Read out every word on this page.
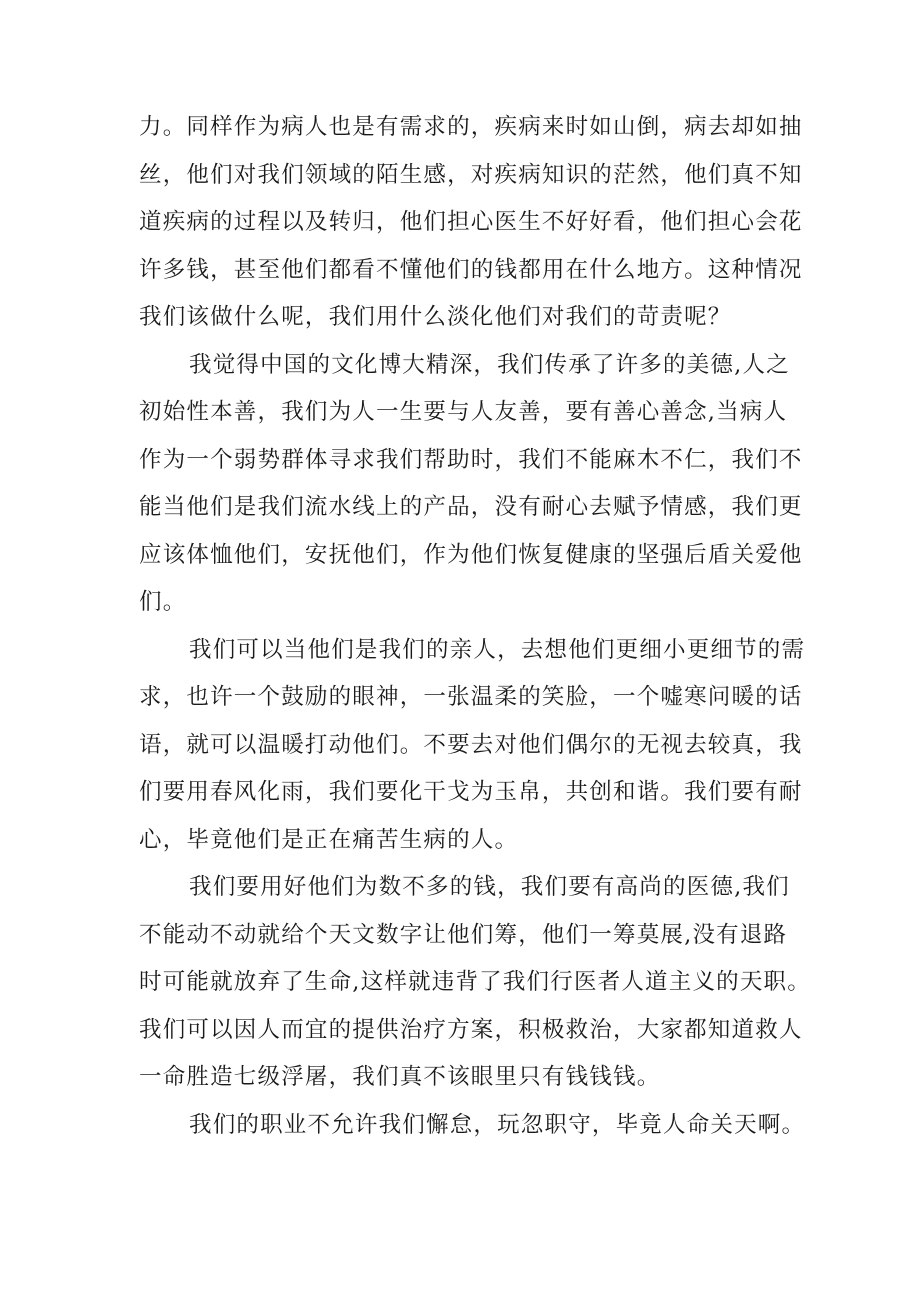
力。同样作为病人也是有需求的，疾病来时如山倒，病去却如抽
丝，他们对我们领域的陌生感，对疾病知识的茫然，他们真不知
道疾病的过程以及转归，他们担心医生不好好看，他们担心会花
许多钱，甚至他们都看不懂他们的钱都用在什么地方。这种情况
我们该做什么呢，我们用什么淡化他们对我们的苛责呢？
我觉得中国的文化博大精深，我们传承了许多的美德,人之
初始性本善，我们为人一生要与人友善，要有善心善念,当病人
作为一个弱势群体寻求我们帮助时，我们不能麻木不仁，我们不
能当他们是我们流水线上的产品，没有耐心去赋予情感，我们更
应该体恤他们，安抚他们，作为他们恢复健康的坚强后盾关爱他
们。
我们可以当他们是我们的亲人，去想他们更细小更细节的需
求，也许一个鼓励的眼神，一张温柔的笑脸，一个嘘寒问暖的话
语，就可以温暖打动他们。不要去对他们偶尔的无视去较真，我
们要用春风化雨，我们要化干戈为玉帛，共创和谐。我们要有耐
心，毕竟他们是正在痛苦生病的人。
我们要用好他们为数不多的钱，我们要有高尚的医德,我们
不能动不动就给个天文数字让他们筹，他们一筹莫展,没有退路
时可能就放弃了生命,这样就违背了我们行医者人道主义的天职。
我们可以因人而宜的提供治疗方案，积极救治，大家都知道救人
一命胜造七级浮屠，我们真不该眼里只有钱钱钱。
我们的职业不允许我们懈怠，玩忽职守，毕竟人命关天啊。
